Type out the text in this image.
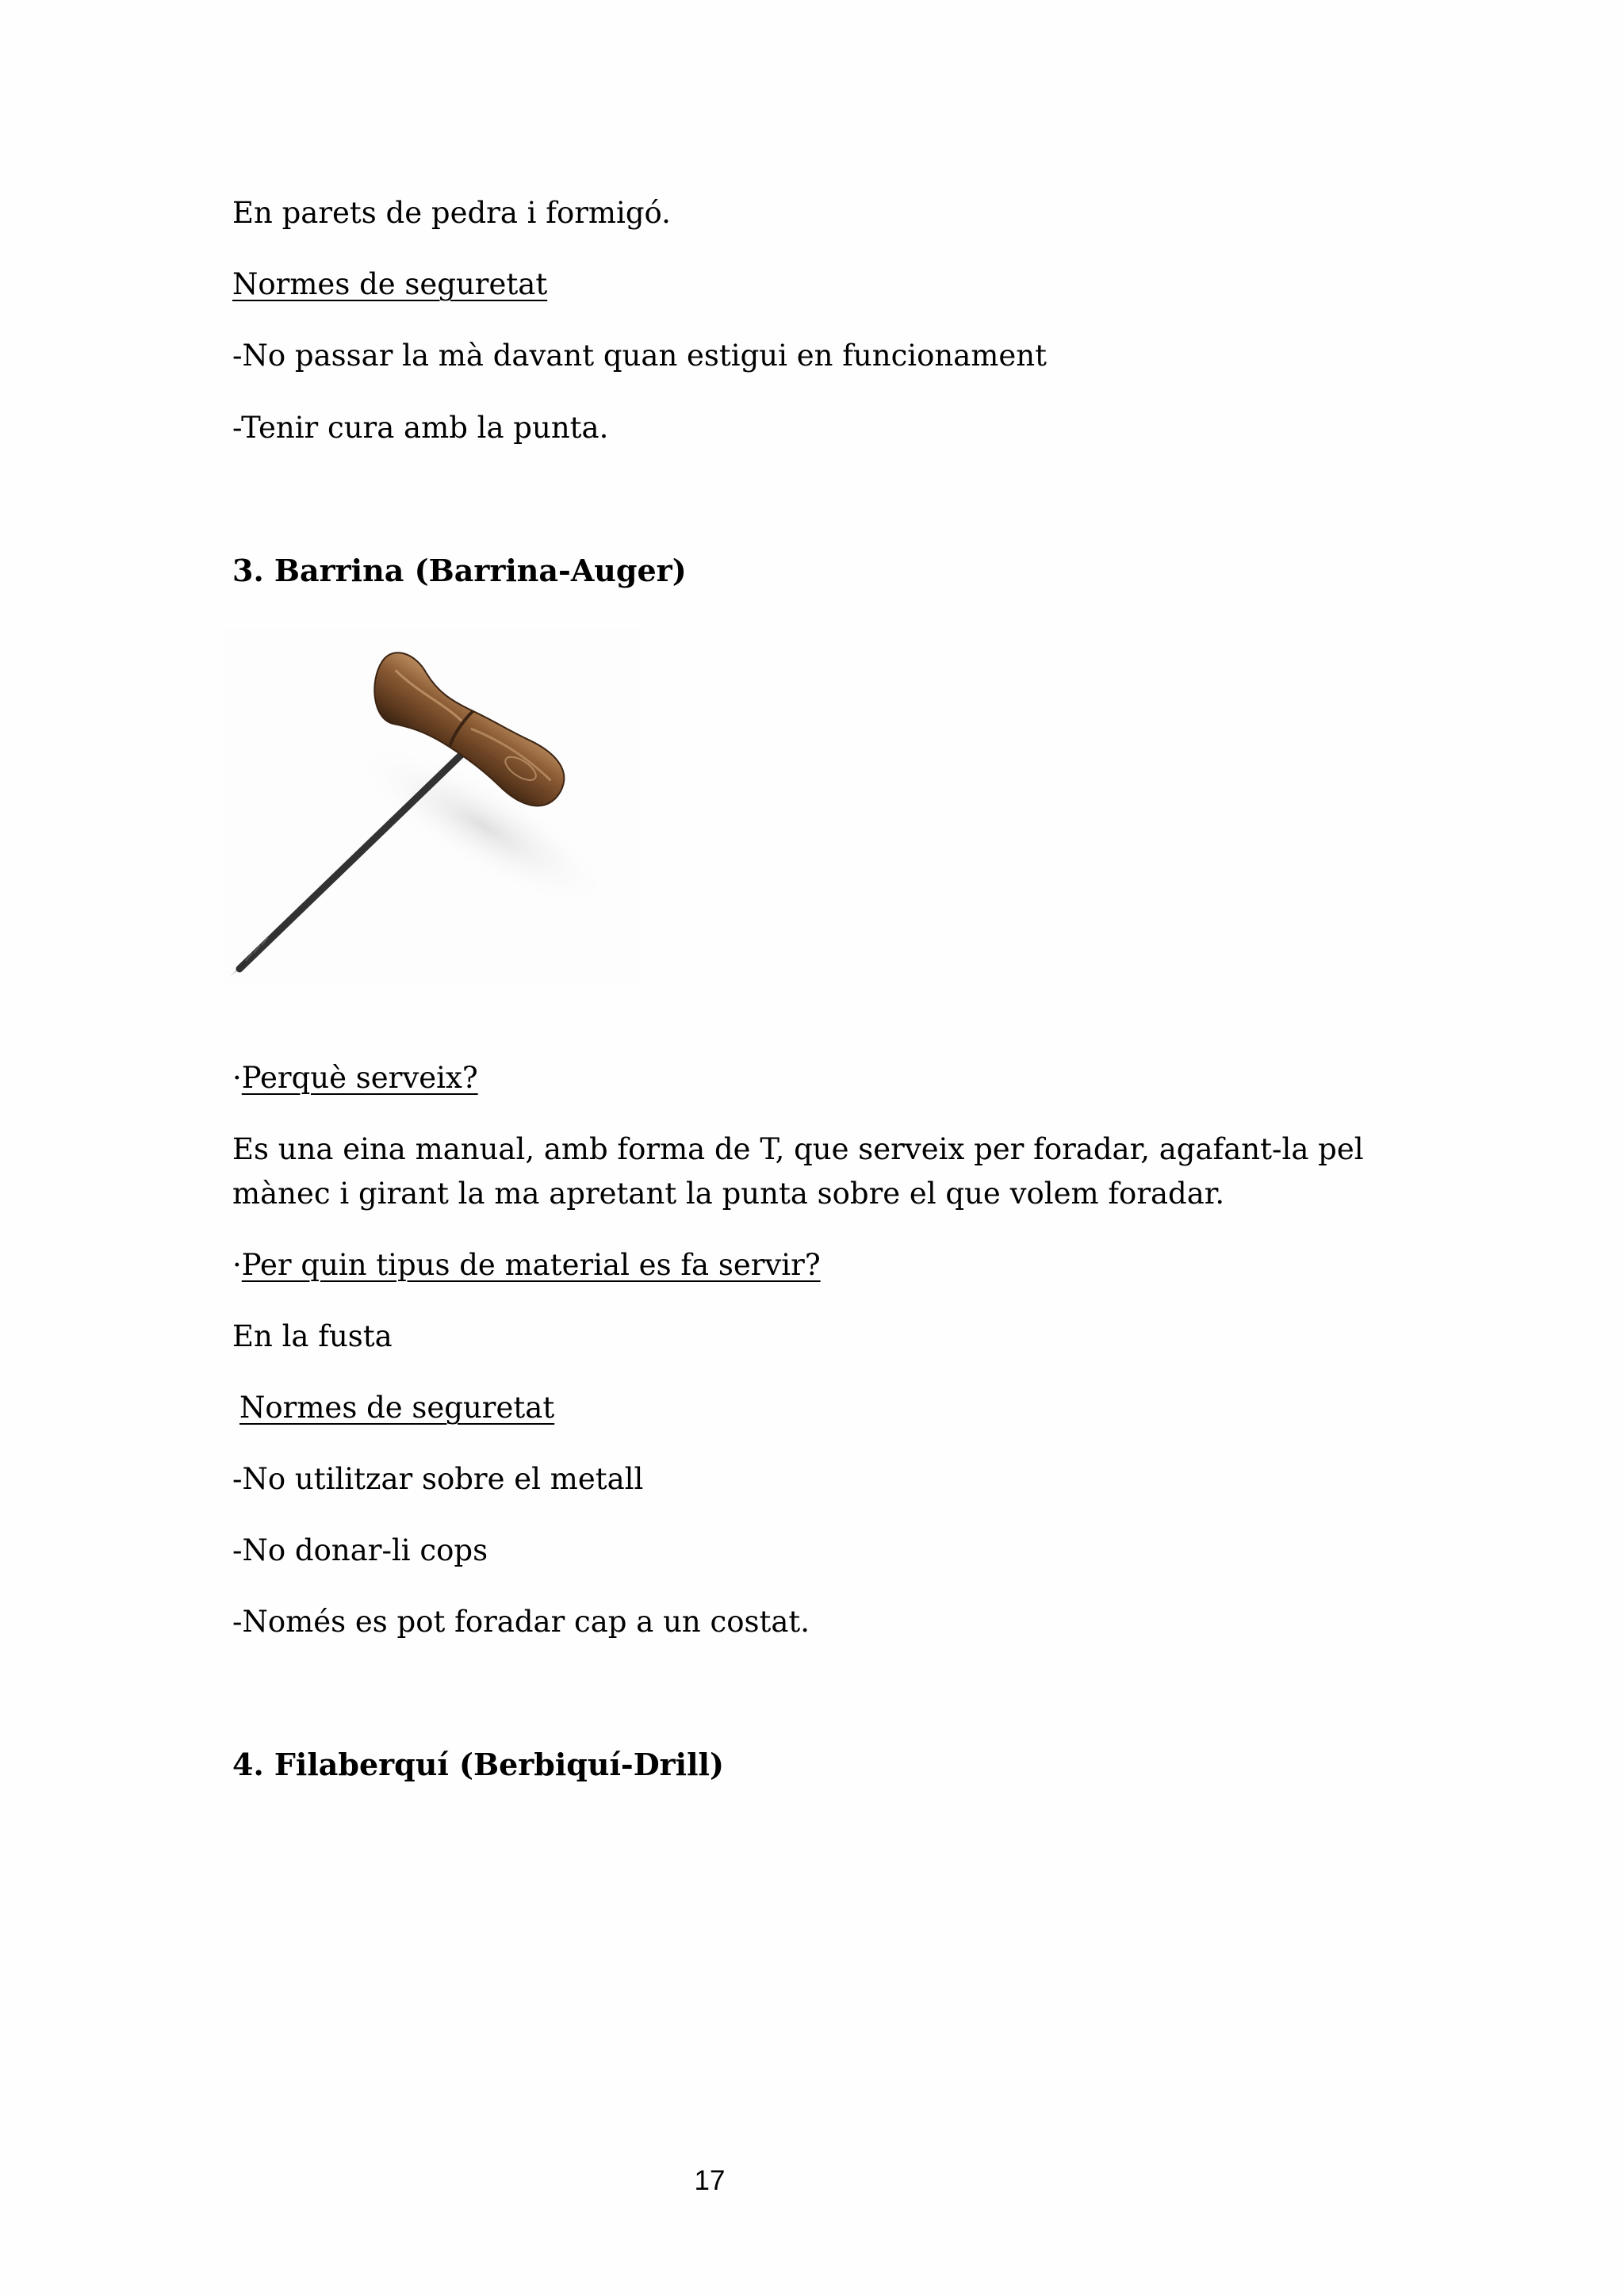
En parets de pedra i formigó.
Normes de seguretat
-No passar la mà davant quan estigui en funcionament
-Tenir cura amb la punta.
3. Barrina (Barrina-Auger)
·Perquè serveix?
Es una eina manual, amb forma de T, que serveix per foradar, agafant-la pel mànec i girant la ma apretant la punta sobre el que volem foradar.
·Per quin tipus de material es fa servir?
En la fusta
Normes de seguretat
-No utilitzar sobre el metall
-No donar-li cops
-Només es pot foradar cap a un costat.
4. Filaberquí (Berbiquí-Drill)
17
